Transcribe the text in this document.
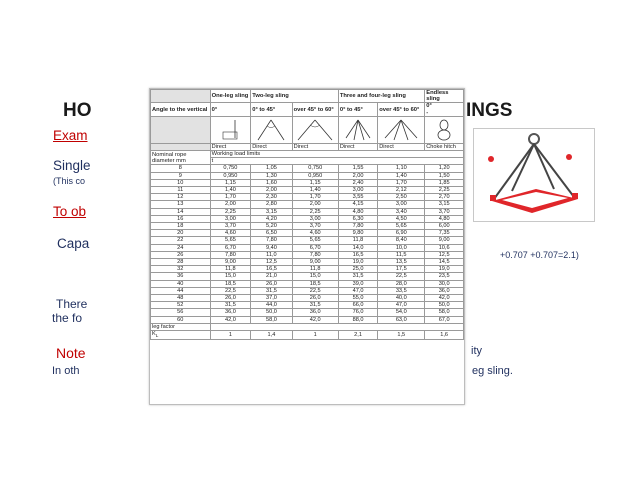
HO	INGS
Exam
Single
(This co
To ob
Capa
+0.707 +0.707=2.1)
There
the fo
Note	ity
In oth	eg sling.
	One-leg sling	Two-leg sling		Three and four-leg sling		Endless sling
Angle to the vertical	0°	0° to 45°	over 45° to 60°	0° to 45°	over 45° to 60°	0°
-

	Direct	Direct	Direct	Direct	Direct	Choke hitch
Nominal rope diameter mm	Working load limits					
	t					
8	0,750	1,05	0,750	1,55	1,10	1,20
9	0,950	1,30	0,950	2,00	1,40	1,50
10	1,15	1,60	1,15	2,40	1,70	1,85
11	1,40	2,00	1,40	3,00	2,12	2,25
12	1,70	2,30	1,70	3,55	2,50	2,70
13	2,00	2,80	2,00	4,15	3,00	3,15
14	2,25	3,15	2,25	4,80	3,40	3,70
16	3,00	4,20	3,00	6,30	4,50	4,80
18	3,70	5,20	3,70	7,80	5,65	6,00
20	4,60	6,50	4,60	9,80	6,90	7,35
22	5,65	7,80	5,65	11,8	8,40	9,00
24	6,70	9,40	6,70	14,0	10,0	10,6
26	7,80	11,0	7,80	16,5	11,5	12,5
28	9,00	12,5	9,00	19,0	13,5	14,5
32	11,8	16,5	11,8	25,0	17,5	19,0
36	15,0	21,0	15,0	31,5	22,5	23,5
40	18,5	26,0	18,5	39,0	28,0	30,0
44	22,5	31,5	22,5	47,0	33,5	36,0
48	26,0	37,0	26,0	55,0	40,0	42,0
52	31,5	44,0	31,5	66,0	47,0	50,0
56	36,0	50,0	36,0	76,0	54,0	58,0
60	42,0	58,0	42,0	88,0	63,0	67,0
leg factor						
$K_L$	1	1,4	1	2,1	1,5	1,6
